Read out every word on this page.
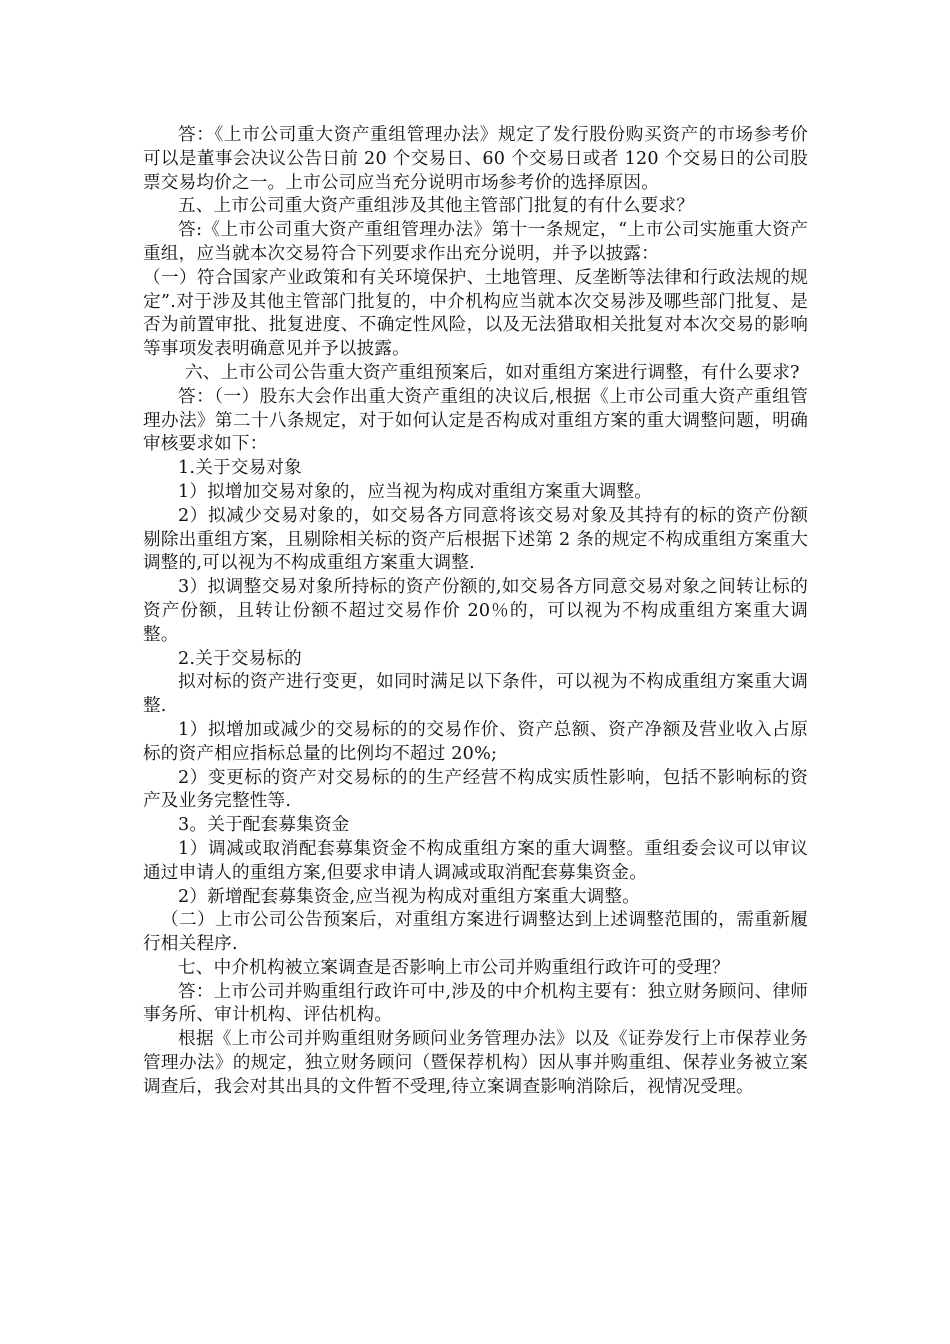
答：《上市公司重大资产重组管理办法》规定了发行股份购买资产的市场参考价可以是董事会决议公告日前 20 个交易日、60 个交易日或者 120 个交易日的公司股票交易均价之一。上市公司应当充分说明市场参考价的选择原因。

五、上市公司重大资产重组涉及其他主管部门批复的有什么要求？

答:《上市公司重大资产重组管理办法》第十一条规定，“上市公司实施重大资产重组，应当就本次交易符合下列要求作出充分说明，并予以披露：

（一）符合国家产业政策和有关环境保护、土地管理、反垄断等法律和行政法规的规定”.对于涉及其他主管部门批复的，中介机构应当就本次交易涉及哪些部门批复、是否为前置审批、批复进度、不确定性风险，以及无法猎取相关批复对本次交易的影响等事项发表明确意见并予以披露。

六、上市公司公告重大资产重组预案后，如对重组方案进行调整，有什么要求?

答：（一）股东大会作出重大资产重组的决议后,根据《上市公司重大资产重组管理办法》第二十八条规定，对于如何认定是否构成对重组方案的重大调整问题，明确审核要求如下：

1.关于交易对象

1）拟增加交易对象的，应当视为构成对重组方案重大调整。

2）拟减少交易对象的，如交易各方同意将该交易对象及其持有的标的资产份额剔除出重组方案，且剔除相关标的资产后根据下述第 2 条的规定不构成重组方案重大调整的,可以视为不构成重组方案重大调整.

3）拟调整交易对象所持标的资产份额的,如交易各方同意交易对象之间转让标的资产份额，且转让份额不超过交易作价 20％的，可以视为不构成重组方案重大调整。

2.关于交易标的

拟对标的资产进行变更，如同时满足以下条件，可以视为不构成重组方案重大调整.

1）拟增加或减少的交易标的的交易作价、资产总额、资产净额及营业收入占原标的资产相应指标总量的比例均不超过 20%;

2）变更标的资产对交易标的的生产经营不构成实质性影响，包括不影响标的资产及业务完整性等.

3。关于配套募集资金

1）调减或取消配套募集资金不构成重组方案的重大调整。重组委会议可以审议通过申请人的重组方案,但要求申请人调减或取消配套募集资金。

2）新增配套募集资金,应当视为构成对重组方案重大调整。

（二）上市公司公告预案后，对重组方案进行调整达到上述调整范围的，需重新履行相关程序.

七、中介机构被立案调查是否影响上市公司并购重组行政许可的受理？

答：上市公司并购重组行政许可中,涉及的中介机构主要有：独立财务顾问、律师事务所、审计机构、评估机构。

根据《上市公司并购重组财务顾问业务管理办法》以及《证券发行上市保荐业务管理办法》的规定，独立财务顾问（暨保荐机构）因从事并购重组、保荐业务被立案调查后，我会对其出具的文件暂不受理,待立案调查影响消除后，视情况受理。
